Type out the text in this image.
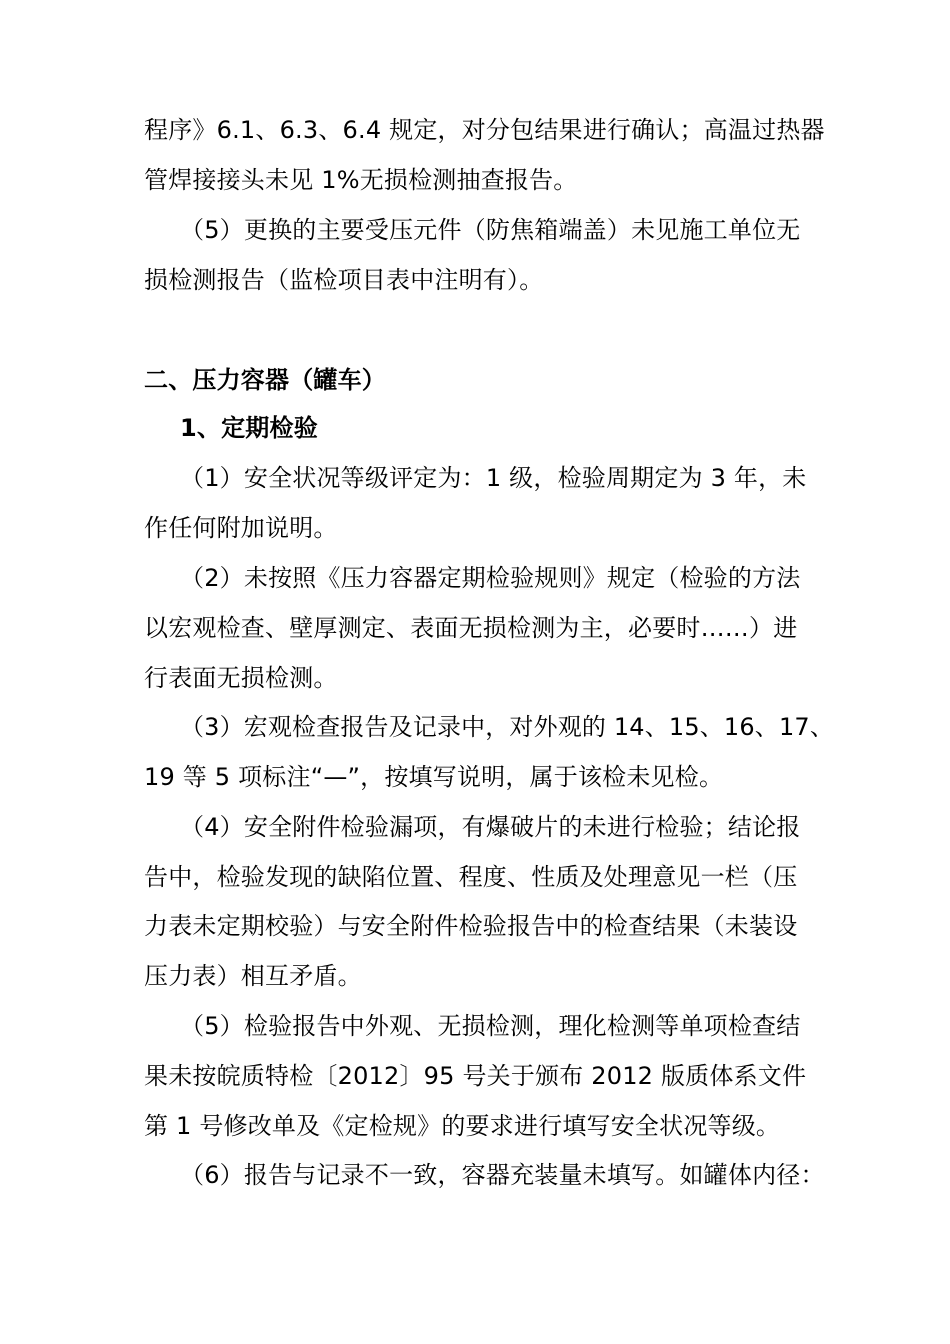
程序》6.1、6.3、6.4 规定，对分包结果进行确认；高温过热器
管焊接接头未见 1%无损检测抽查报告。
（5）更换的主要受压元件（防焦箱端盖）未见施工单位无
损检测报告（监检项目表中注明有）。
二、压力容器（罐车）
1、定期检验
（1）安全状况等级评定为：1 级，检验周期定为 3 年，未
作任何附加说明。
（2）未按照《压力容器定期检验规则》规定（检验的方法
以宏观检查、壁厚测定、表面无损检测为主，必要时……）进
行表面无损检测。
（3）宏观检查报告及记录中，对外观的 14、15、16、17、
19 等 5 项标注“—”，按填写说明，属于该检未见检。
（4）安全附件检验漏项，有爆破片的未进行检验；结论报
告中，检验发现的缺陷位置、程度、性质及处理意见一栏（压
力表未定期校验）与安全附件检验报告中的检查结果（未装设
压力表）相互矛盾。
（5）检验报告中外观、无损检测，理化检测等单项检查结
果未按皖质特检〔2012〕95 号关于颁布 2012 版质体系文件
第 1 号修改单及《定检规》的要求进行填写安全状况等级。
（6）报告与记录不一致，容器充装量未填写。如罐体内径：
